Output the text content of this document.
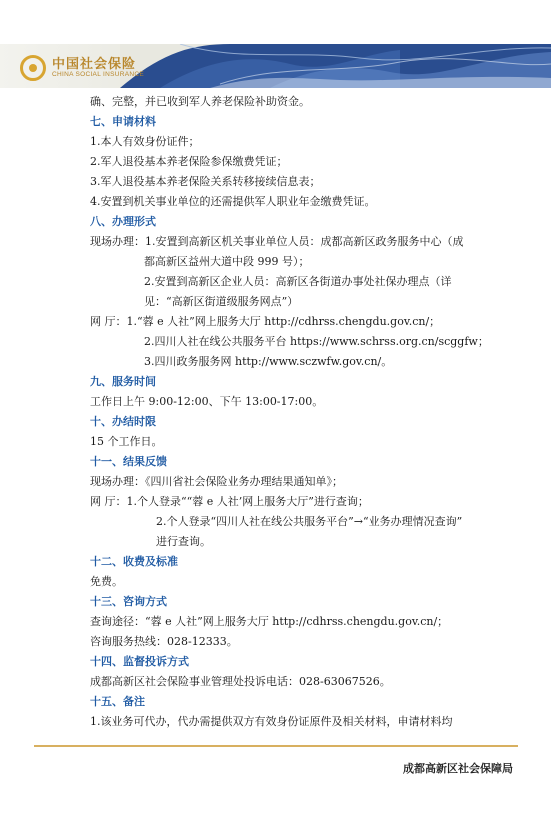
中国社会保险
CHINA SOCIAL INSURANCE
确、完整，并已收到军人养老保险补助资金。
七、申请材料
1.本人有效身份证件；
2.军人退役基本养老保险参保缴费凭证；
3.军人退役基本养老保险关系转移接续信息表；
4.安置到机关事业单位的还需提供军人职业年金缴费凭证。
八、办理形式
现场办理：1.安置到高新区机关事业单位人员：成都高新区政务服务中心（成
都高新区益州大道中段 999 号）；
2.安置到高新区企业人员：高新区各街道办事处社保办理点（详
见：“高新区街道级服务网点”）
网 厅：1.“蓉 e 人社”网上服务大厅 http://cdhrss.chengdu.gov.cn/；
2.四川人社在线公共服务平台 https://www.schrss.org.cn/scggfw；
3.四川政务服务网 http://www.sczwfw.gov.cn/。
九、服务时间
工作日上午 9:00-12:00、下午 13:00-17:00。
十、办结时限
15 个工作日。
十一、结果反馈
现场办理：《四川省社会保险业务办理结果通知单》；
网 厅：1.个人登录““蓉 e 人社’网上服务大厅”进行查询；
2.个人登录“四川人社在线公共服务平台”→“业务办理情况查询”
进行查询。
十二、收费及标准
免费。
十三、咨询方式
查询途径：“蓉 e 人社”网上服务大厅 http://cdhrss.chengdu.gov.cn/；
咨询服务热线：028-12333。
十四、监督投诉方式
成都高新区社会保险事业管理处投诉电话：028-63067526。
十五、备注
1.该业务可代办，代办需提供双方有效身份证原件及相关材料，申请材料均
成都高新区社会保障局
